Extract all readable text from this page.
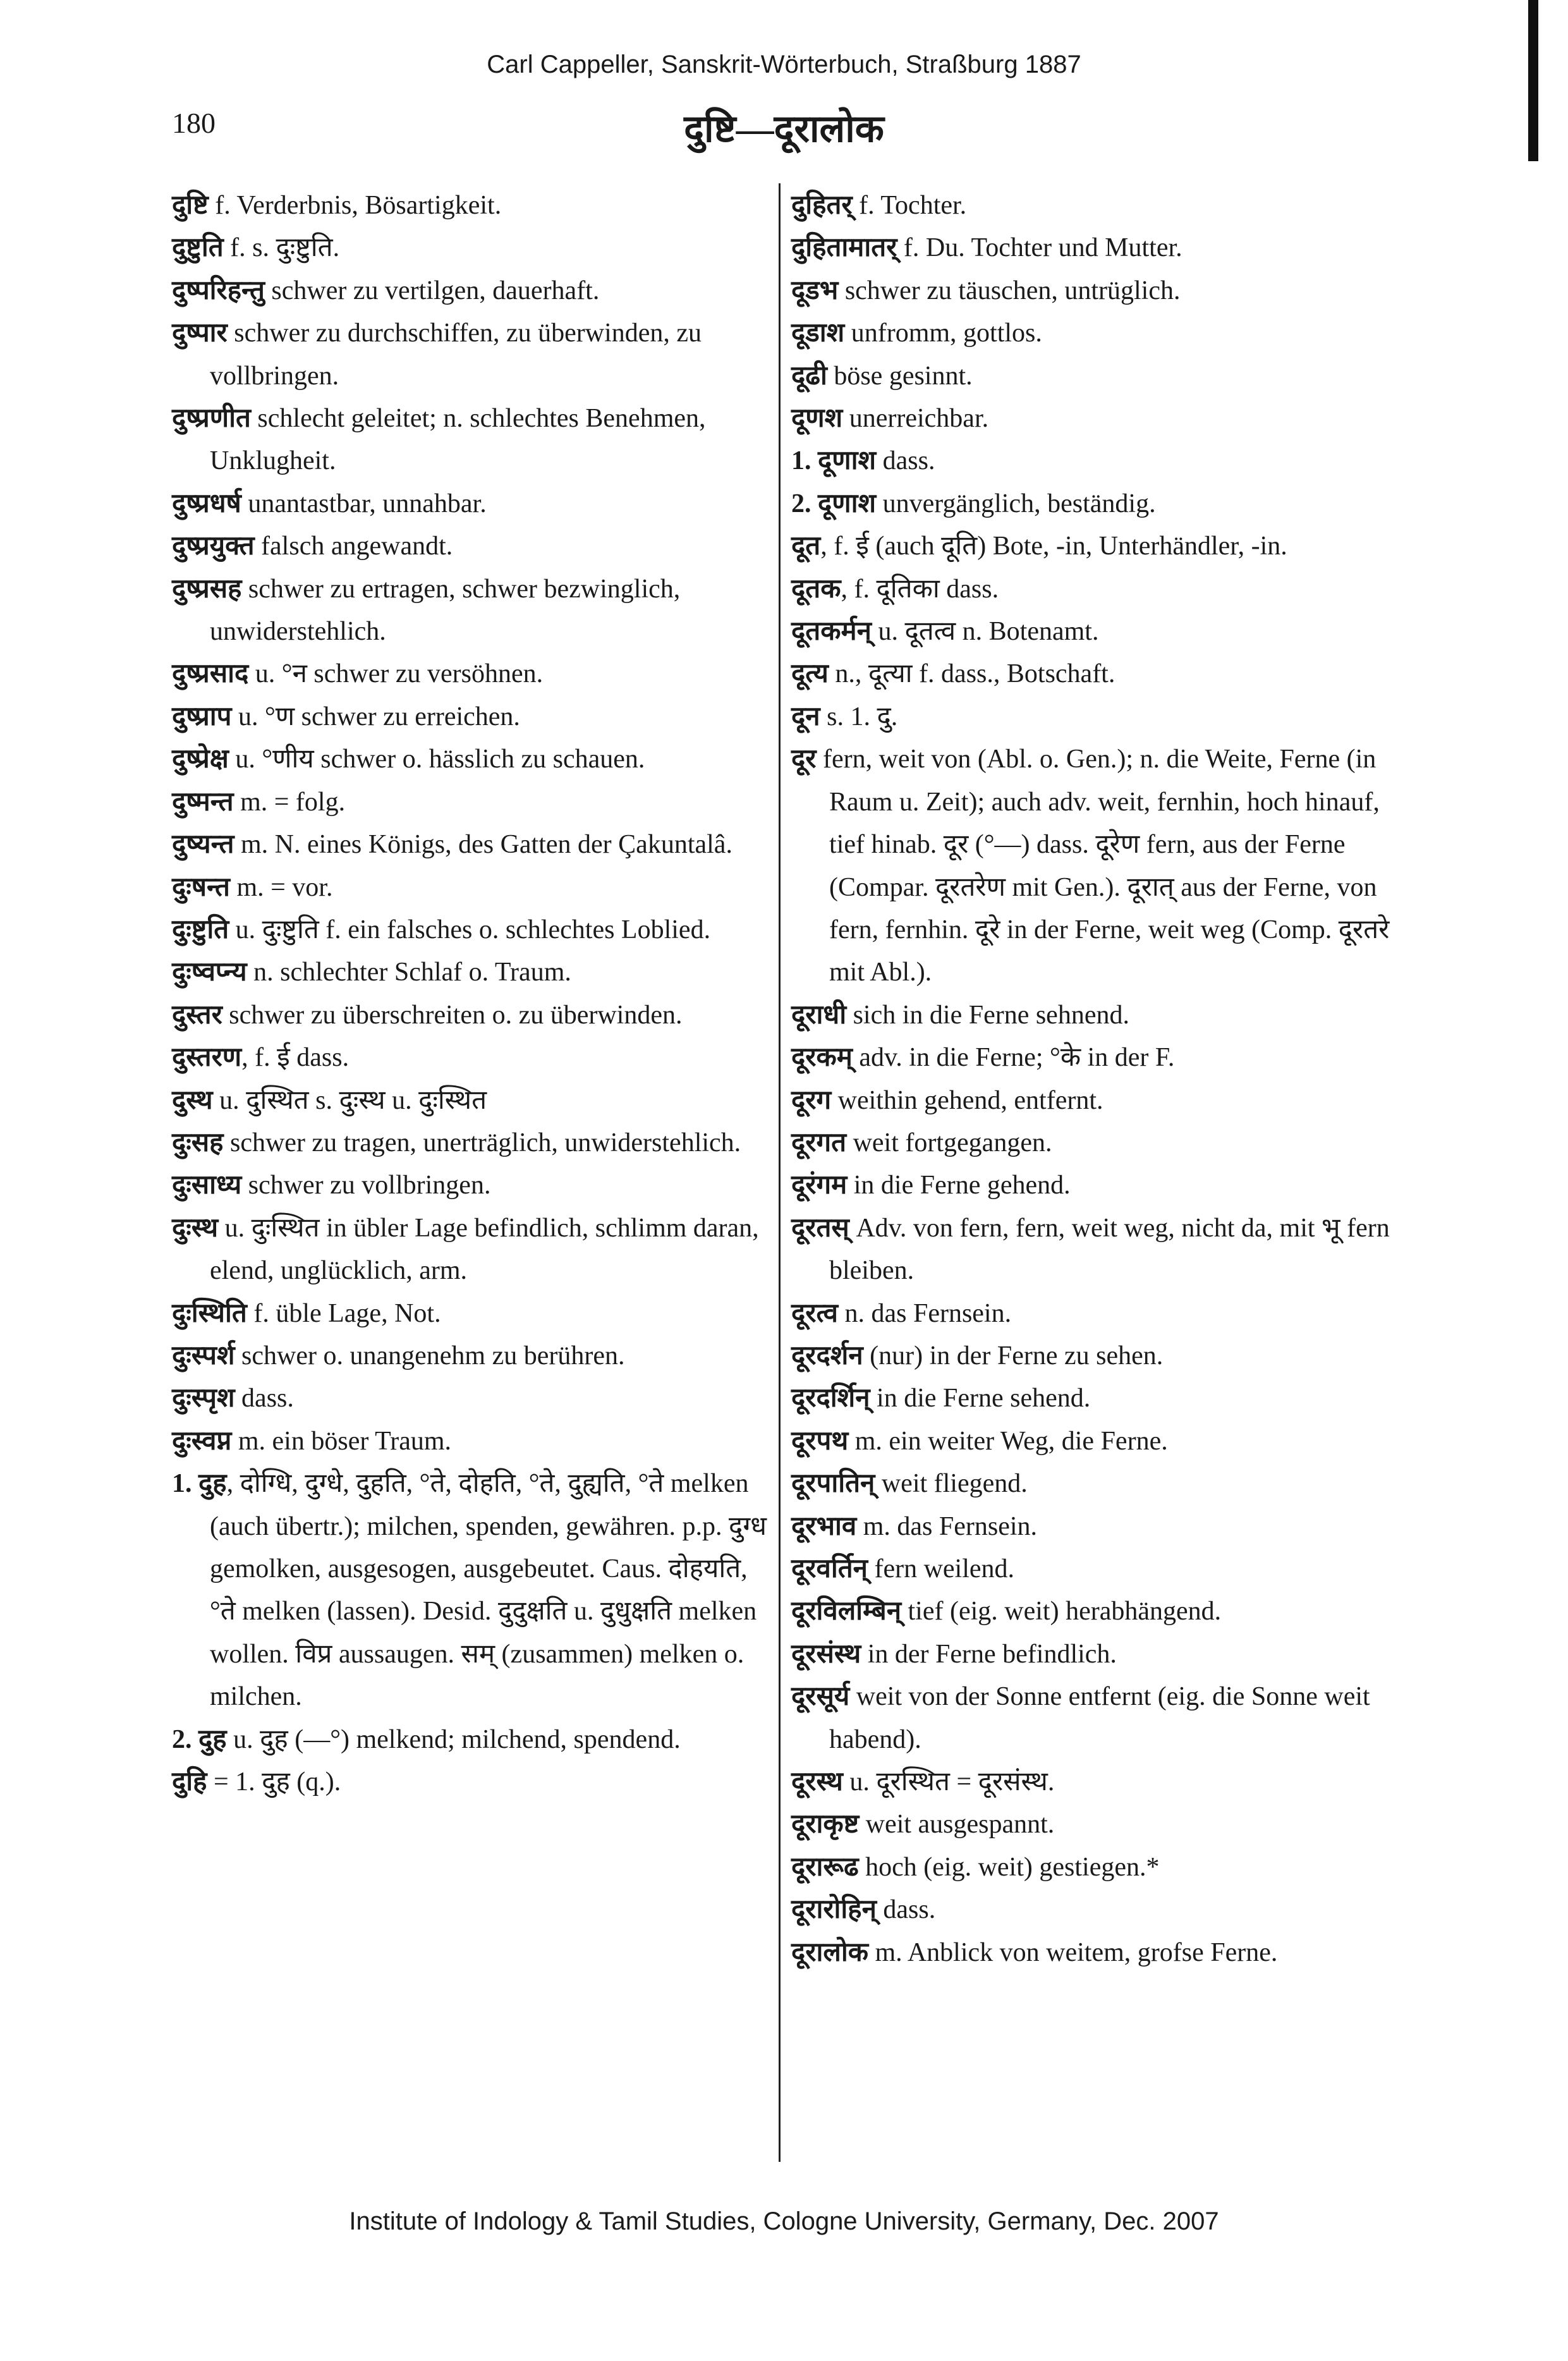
Carl Cappeller, Sanskrit-Wörterbuch, Straßburg 1887
180	दुष्टि—दूरालोक

दुष्टि f. Verderbnis, Bösartigkeit.

दुष्टुति f. s. दुःष्टुति.

दुष्परिहन्तु schwer zu vertilgen, dauerhaft.

दुष्पार schwer zu durchschiffen, zu überwinden, zu vollbringen.

दुष्प्रणीत schlecht geleitet; n. schlechtes Benehmen, Unklugheit.

दुष्प्रधर्ष unantastbar, unnahbar.

दुष्प्रयुक्त falsch angewandt.

दुष्प्रसह schwer zu ertragen, schwer bezwinglich, unwiderstehlich.

दुष्प्रसाद u. °न schwer zu versöhnen.

दुष्प्राप u. °ण schwer zu erreichen.

दुष्प्रेक्ष u. °णीय schwer o. hässlich zu schauen.

दुष्मन्त m. = folg.

दुष्यन्त m. N. eines Königs, des Gatten der Çakuntalâ.

दुःषन्त m. = vor.

दुःष्टुति u. दुःष्टुति f. ein falsches o. schlechtes Loblied.

दुःष्वप्न्य n. schlechter Schlaf o. Traum.

दुस्तर schwer zu überschreiten o. zu überwinden.

दुस्तरण, f. ई dass.

दुस्थ u. दुस्थित s. दुःस्थ u. दुःस्थित

दुःसह schwer zu tragen, unerträglich, unwiderstehlich.

दुःसाध्य schwer zu vollbringen.

दुःस्थ u. दुःस्थित in übler Lage befindlich, schlimm daran, elend, unglücklich, arm.

दुःस्थिति f. üble Lage, Not.

दुःस्पर्श schwer o. unangenehm zu berühren.

दुःस्पृश dass.

दुःस्वप्न m. ein böser Traum.

1. दुह, दोग्धि, दुग्धे, दुहति, °ते, दोहति, °ते, दुह्यति, °ते melken (auch übertr.); milchen, spenden, gewähren. p.p. दुग्ध gemolken, ausgesogen, ausgebeutet. Caus. दोहयति, °ते melken (lassen). Desid. दुदुक्षति u. दुधुक्षति melken wollen. विप्र aussaugen. सम् (zusammen) melken o. milchen.

2. दुह u. दुह (—°) melkend; milchend, spendend.

दुहि = 1. दुह (q.).

दुहितर् f. Tochter.

दुहितामातर् f. Du. Tochter und Mutter.

दूडभ schwer zu täuschen, untrüglich.

दूडाश unfromm, gottlos.

दूढी böse gesinnt.

दूणश unerreichbar.

1. दूणाश dass.

2. दूणाश unvergänglich, beständig.

दूत, f. ई (auch दूति) Bote, -in, Unterhändler, -in.

दूतक, f. दूतिका dass.

दूतकर्मन् u. दूतत्व n. Botenamt.

दूत्य n., दूत्या f. dass., Botschaft.

दून s. 1. दु.

दूर fern, weit von (Abl. o. Gen.); n. die Weite, Ferne (in Raum u. Zeit); auch adv. weit, fernhin, hoch hinauf, tief hinab. दूर (°—) dass. दूरेण fern, aus der Ferne (Compar. दूरतरेण mit Gen.). दूरात् aus der Ferne, von fern, fernhin. दूरे in der Ferne, weit weg (Comp. दूरतरे mit Abl.).

दूराधी sich in die Ferne sehnend.

दूरकम् adv. in die Ferne; °के in der F.

दूरग weithin gehend, entfernt.

दूरगत weit fortgegangen.

दूरंगम in die Ferne gehend.

दूरतस् Adv. von fern, fern, weit weg, nicht da, mit भू fern bleiben.

दूरत्व n. das Fernsein.

दूरदर्शन (nur) in der Ferne zu sehen.

दूरदर्शिन् in die Ferne sehend.

दूरपथ m. ein weiter Weg, die Ferne.

दूरपातिन् weit fliegend.

दूरभाव m. das Fernsein.

दूरवर्तिन् fern weilend.

दूरविलम्बिन् tief (eig. weit) herabhängend.

दूरसंस्थ in der Ferne befindlich.

दूरसूर्य weit von der Sonne entfernt (eig. die Sonne weit habend).

दूरस्थ u. दूरस्थित = दूरसंस्थ.

दूराकृष्ट weit ausgespannt.

दूरारूढ hoch (eig. weit) gestiegen.*

दूरारोहिन् dass.

दूरालोक m. Anblick von weitem, grofse Ferne.

Institute of Indology & Tamil Studies, Cologne University, Germany, Dec. 2007
